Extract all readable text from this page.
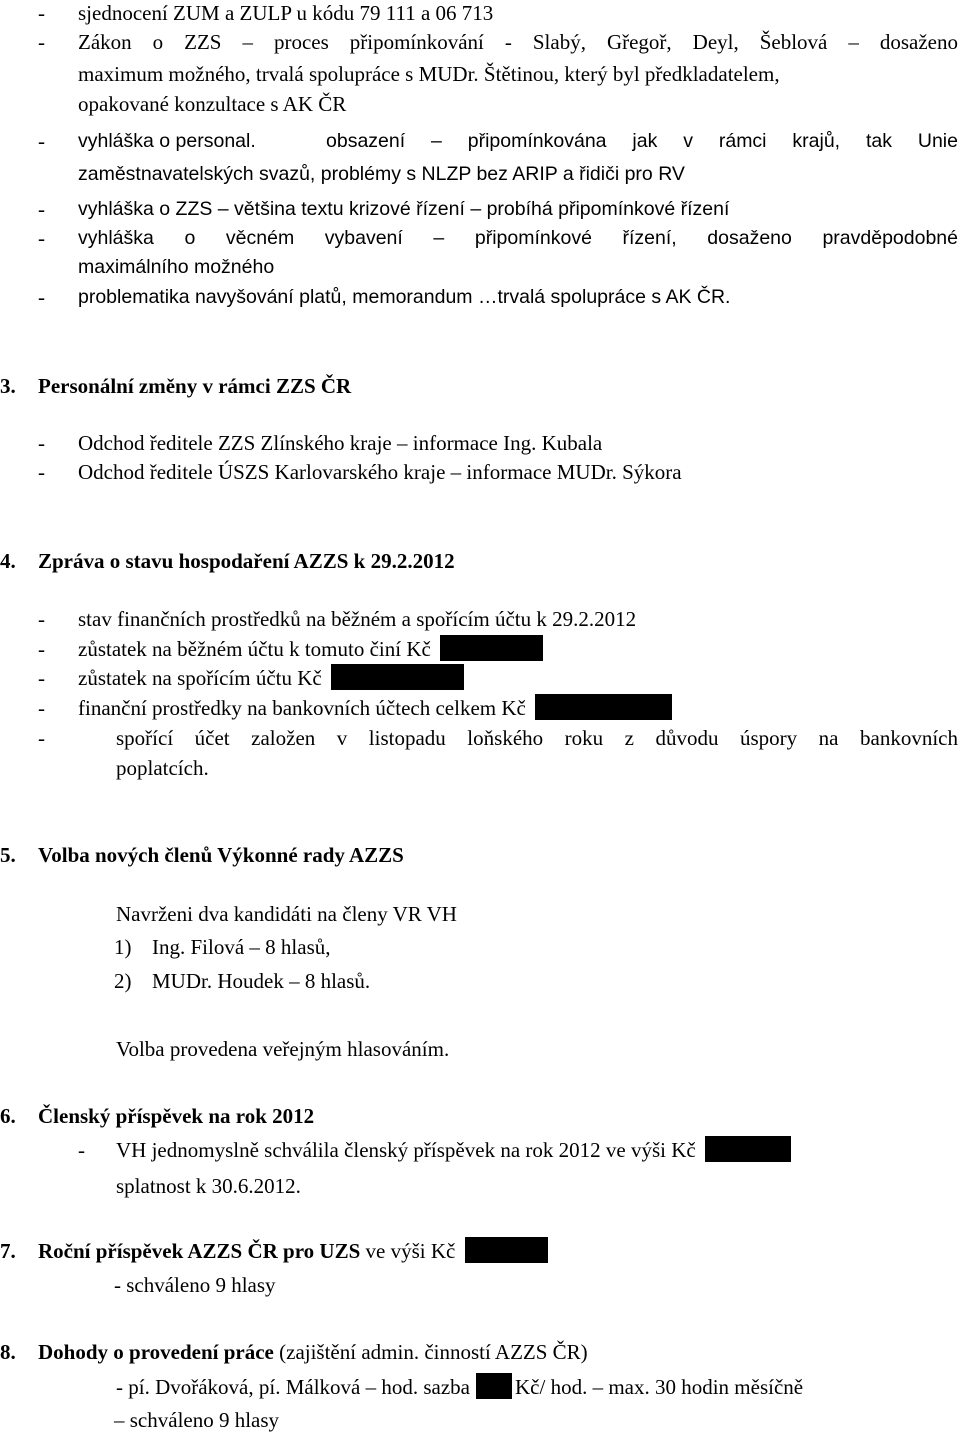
- sjednocení ZUM a ZULP u kódu 79 111 a 06 713
- Zákon o ZZS – proces připomínkování - Slabý, Gřegoř, Deyl, Šeblová – dosaženo
maximum možného, trvalá spolupráce s MUDr. Štětinou, který byl předkladatelem,
opakované konzultace s AK ČR
- vyhláška o personal.	obsazení – připomínkována jak v rámci krajů, tak Unie
zaměstnavatelských svazů, problémy s NLZP bez ARIP a řidiči pro RV
- vyhláška o ZZS – většina textu krizové řízení – probíhá připomínkové řízení
- vyhláška o věcném vybavení – připomínkové řízení, dosaženo pravděpodobné
maximálního možného
- problematika navyšování platů, memorandum …trvalá spolupráce s AK ČR.
3. Personální změny v rámci ZZS ČR
- Odchod ředitele ZZS Zlínského kraje – informace Ing. Kubala
- Odchod ředitele ÚSZS Karlovarského kraje – informace MUDr. Sýkora
4. Zpráva o stavu hospodaření AZZS k 29.2.2012
- stav finančních prostředků na běžném a spořícím účtu k 29.2.2012
- zůstatek na běžném účtu k tomuto činí Kč
- zůstatek na spořícím účtu Kč
- finanční prostředky na bankovních účtech celkem Kč
-	spořící účet založen v listopadu loňského roku z důvodu úspory na bankovních
poplatcích.
5. Volba nových členů Výkonné rady AZZS
Navrženi dva kandidáti na členy VR VH
1) Ing. Filová – 8 hlasů,
2) MUDr. Houdek – 8 hlasů.
Volba provedena veřejným hlasováním.
6. Členský příspěvek na rok 2012
- VH jednomyslně schválila členský příspěvek na rok 2012 ve výši Kč
splatnost k 30.6.2012.
7. Roční příspěvek AZZS ČR pro UZS ve výši Kč
- schváleno 9 hlasy
8. Dohody o provedení práce (zajištění admin. činností AZZS ČR)
- pí. Dvořáková, pí. Málková – hod. sazba Kč/ hod. – max. 30 hodin měsíčně
– schváleno 9 hlasy
